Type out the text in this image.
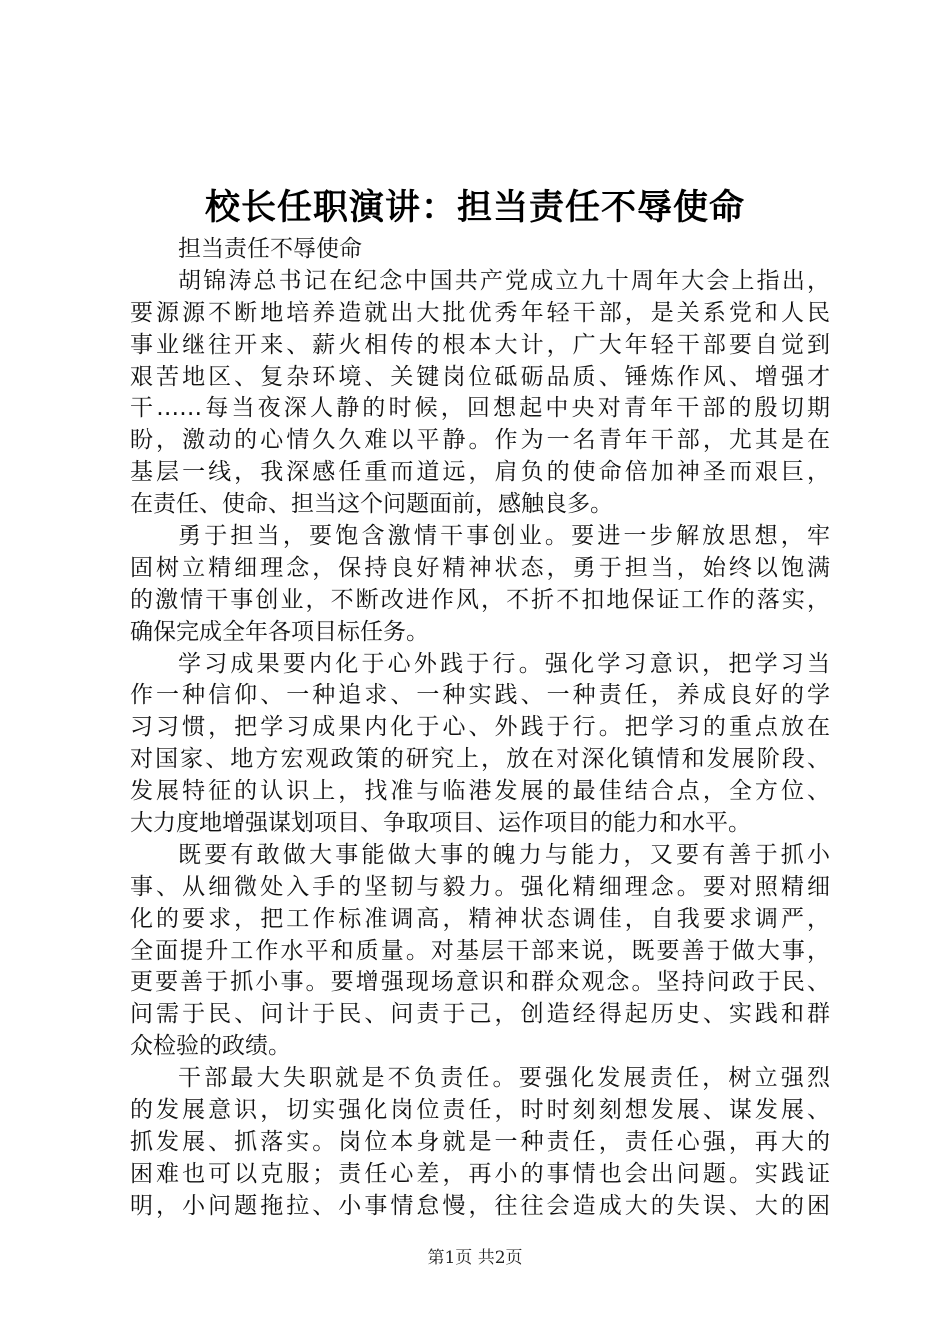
校长任职演讲：担当责任不辱使命
担当责任不辱使命
胡锦涛总书记在纪念中国共产党成立九十周年大会上指出，
要源源不断地培养造就出大批优秀年轻干部，是关系党和人民
事业继往开来、薪火相传的根本大计，广大年轻干部要自觉到
艰苦地区、复杂环境、关键岗位砥砺品质、锤炼作风、增强才
干……每当夜深人静的时候，回想起中央对青年干部的殷切期
盼，激动的心情久久难以平静。作为一名青年干部，尤其是在
基层一线，我深感任重而道远，肩负的使命倍加神圣而艰巨，
在责任、使命、担当这个问题面前，感触良多。
勇于担当，要饱含激情干事创业。要进一步解放思想，牢
固树立精细理念，保持良好精神状态，勇于担当，始终以饱满
的激情干事创业，不断改进作风，不折不扣地保证工作的落实，
确保完成全年各项目标任务。
学习成果要内化于心外践于行。强化学习意识，把学习当
作一种信仰、一种追求、一种实践、一种责任，养成良好的学
习习惯，把学习成果内化于心、外践于行。把学习的重点放在
对国家、地方宏观政策的研究上，放在对深化镇情和发展阶段、
发展特征的认识上，找准与临港发展的最佳结合点，全方位、
大力度地增强谋划项目、争取项目、运作项目的能力和水平。
既要有敢做大事能做大事的魄力与能力，又要有善于抓小
事、从细微处入手的坚韧与毅力。强化精细理念。要对照精细
化的要求，把工作标准调高，精神状态调佳，自我要求调严，
全面提升工作水平和质量。对基层干部来说，既要善于做大事，
更要善于抓小事。要增强现场意识和群众观念。坚持问政于民、
问需于民、问计于民、问责于己，创造经得起历史、实践和群
众检验的政绩。
干部最大失职就是不负责任。要强化发展责任，树立强烈
的发展意识，切实强化岗位责任，时时刻刻想发展、谋发展、
抓发展、抓落实。岗位本身就是一种责任，责任心强，再大的
困难也可以克服；责任心差，再小的事情也会出问题。实践证
明，小问题拖拉、小事情怠慢，往往会造成大的失误、大的困
第1页 共2页
